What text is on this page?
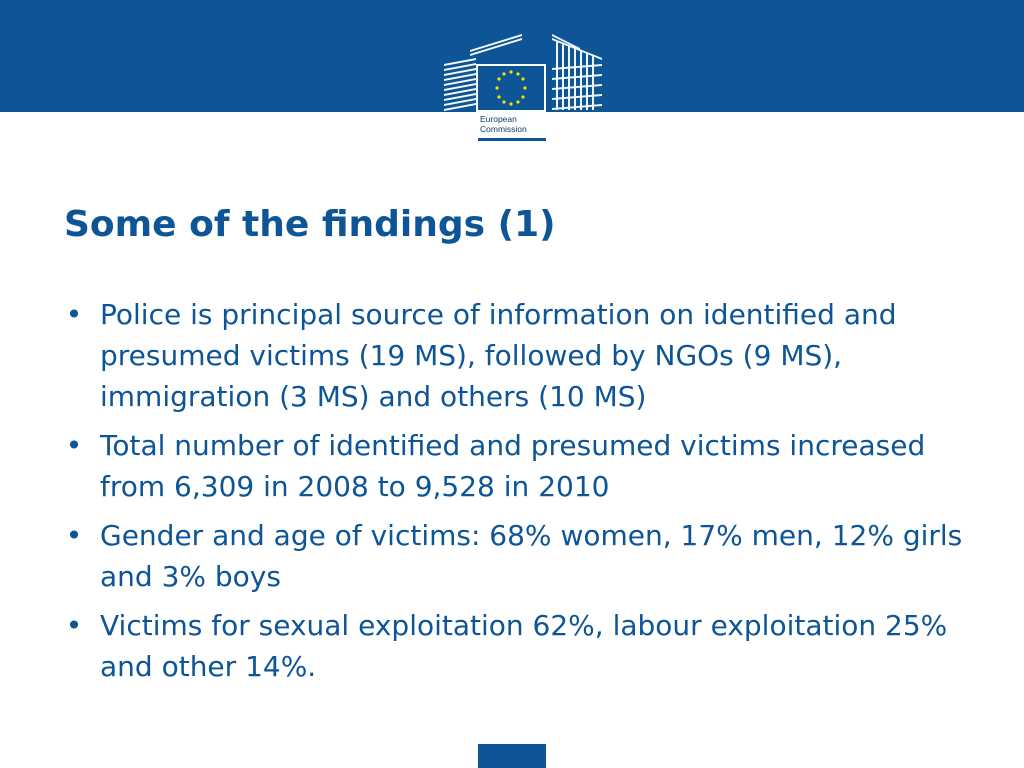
European
Commission
Some of the findings (1)
• Police is principal source of information on identified and presumed victims (19 MS), followed by NGOs (9 MS), immigration (3 MS) and others (10 MS)
• Total number of identified and presumed victims increased from 6,309 in 2008 to 9,528 in 2010
• Gender and age of victims: 68% women, 17% men, 12% girls and 3% boys
• Victims for sexual exploitation 62%, labour exploitation 25% and other 14%.
